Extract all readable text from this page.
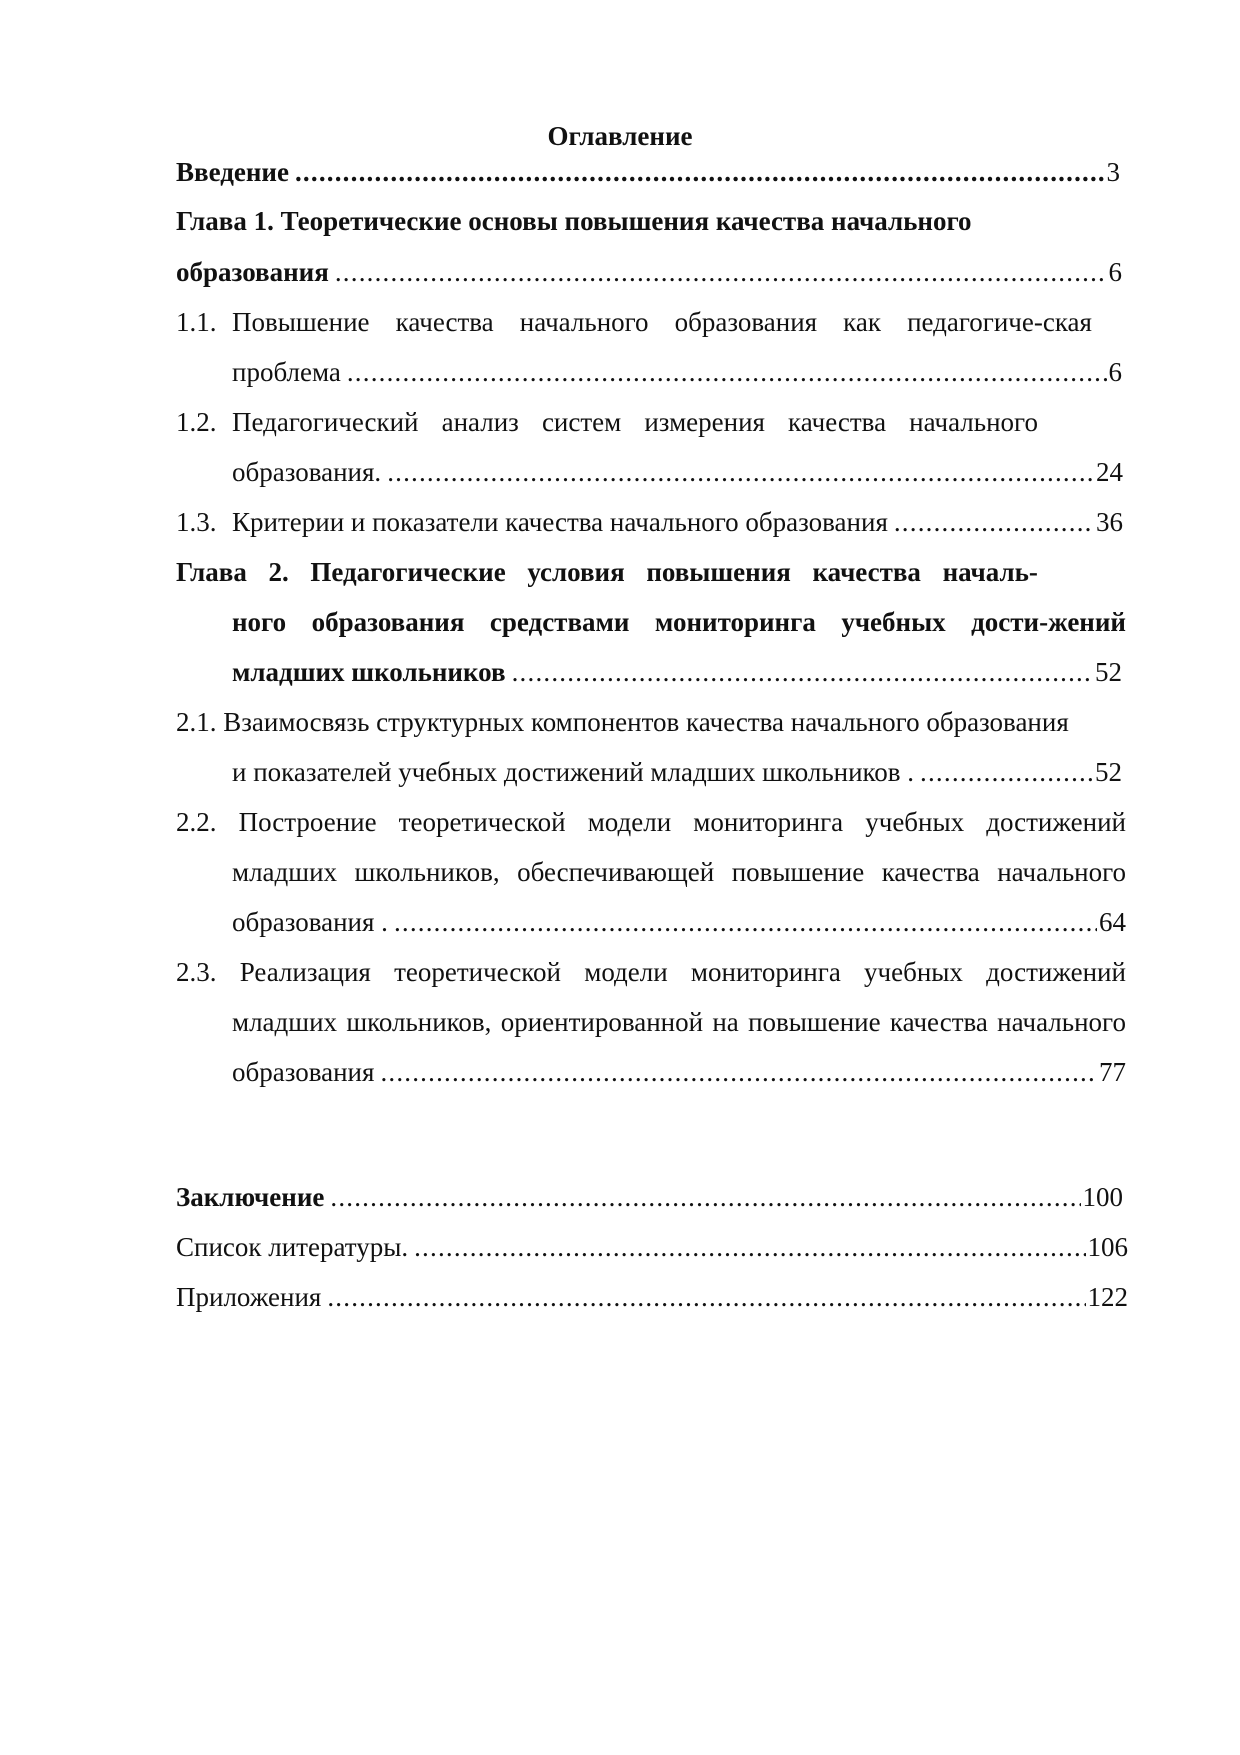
Оглавление
Введение .....	3
Глава 1. Теоретические основы повышения качества начального
образования .....	6
1.1. Повышение качества начального образования как педагогиче-ская
проблема .....	6
1.2. Педагогический анализ систем измерения качества начального
образования. .....	24
1.3. Критерии и показатели качества начального образования .....	36
Глава 2. Педагогические условия повышения качества началь-
ного образования средствами мониторинга учебных дости-жений
младших школьников .....	52
2.1. Взаимосвязь структурных компонентов качества начального образования
и показателей учебных достижений младших школьников . .....	52
2.2. Построение теоретической модели мониторинга учебных достижений
младших школьников, обеспечивающей повышение качества начального
образования . .....	64
2.3. Реализация теоретической модели мониторинга учебных достижений
младших школьников, ориентированной на повышение качества начального
образования .....	77
Заключение .....	100
Список литературы. .....	106
Приложения .....	122
